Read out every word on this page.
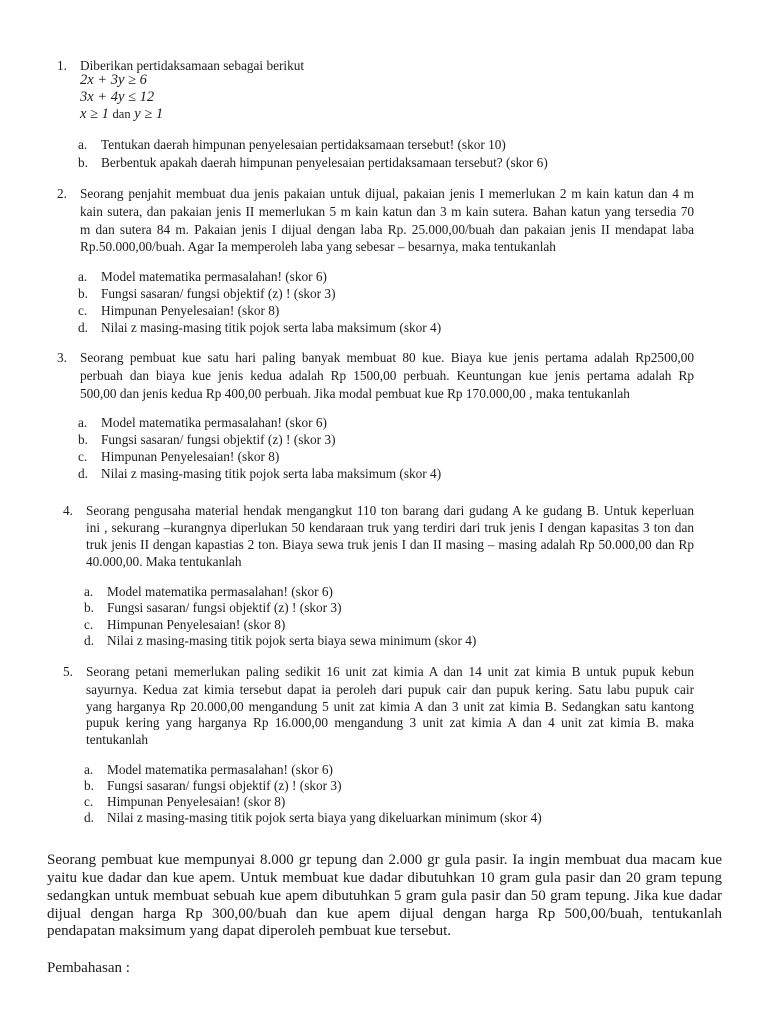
1. Diberikan pertidaksamaan sebagai berikut
2x + 3y ≥ 6
3x + 4y ≤ 12
x ≥ 1 dan y ≥ 1
a. Tentukan daerah himpunan penyelesaian pertidaksamaan tersebut! (skor 10)
b. Berbentuk apakah daerah himpunan penyelesaian pertidaksamaan tersebut? (skor 6)
2. Seorang penjahit membuat dua jenis pakaian untuk dijual, pakaian jenis I memerlukan 2 m kain katun dan 4 m
kain sutera, dan pakaian jenis II memerlukan 5 m kain katun dan 3 m kain sutera. Bahan katun yang tersedia 70
m dan sutera 84 m. Pakaian jenis I dijual dengan laba Rp. 25.000,00/buah dan pakaian jenis II mendapat laba
Rp.50.000,00/buah. Agar Ia memperoleh laba yang sebesar – besarnya, maka tentukanlah
a. Model matematika permasalahan! (skor 6)
b. Fungsi sasaran/ fungsi objektif (z) ! (skor 3)
c. Himpunan Penyelesaian! (skor 8)
d. Nilai z masing-masing titik pojok serta laba maksimum (skor 4)
3. Seorang pembuat kue satu hari paling banyak membuat 80 kue. Biaya kue jenis pertama adalah Rp2500,00
perbuah dan biaya kue jenis kedua adalah Rp 1500,00 perbuah. Keuntungan kue jenis pertama adalah Rp
500,00 dan jenis kedua Rp 400,00 perbuah. Jika modal pembuat kue Rp 170.000,00 , maka tentukanlah
a. Model matematika permasalahan! (skor 6)
b. Fungsi sasaran/ fungsi objektif (z) ! (skor 3)
c. Himpunan Penyelesaian! (skor 8)
d. Nilai z masing-masing titik pojok serta laba maksimum (skor 4)
4. Seorang pengusaha material hendak mengangkut 110 ton barang dari gudang A ke gudang B. Untuk keperluan
ini , sekurang –kurangnya diperlukan 50 kendaraan truk yang terdiri dari truk jenis I dengan kapasitas 3 ton dan
truk jenis II dengan kapastias 2 ton. Biaya sewa truk jenis I dan II masing – masing adalah Rp 50.000,00 dan Rp
40.000,00. Maka tentukanlah
a. Model matematika permasalahan! (skor 6)
b. Fungsi sasaran/ fungsi objektif (z) ! (skor 3)
c. Himpunan Penyelesaian! (skor 8)
d. Nilai z masing-masing titik pojok serta biaya sewa minimum (skor 4)
5. Seorang petani memerlukan paling sedikit 16 unit zat kimia A dan 14 unit zat kimia B untuk pupuk kebun
sayurnya. Kedua zat kimia tersebut dapat ia peroleh dari pupuk cair dan pupuk kering. Satu labu pupuk cair
yang harganya Rp 20.000,00 mengandung 5 unit zat kimia A dan 3 unit zat kimia B. Sedangkan satu kantong
pupuk kering yang harganya Rp 16.000,00 mengandung 3 unit zat kimia A dan 4 unit zat kimia B. maka
tentukanlah
a. Model matematika permasalahan! (skor 6)
b. Fungsi sasaran/ fungsi objektif (z) ! (skor 3)
c. Himpunan Penyelesaian! (skor 8)
d. Nilai z masing-masing titik pojok serta biaya yang dikeluarkan minimum (skor 4)
Seorang pembuat kue mempunyai 8.000 gr tepung dan 2.000 gr gula pasir. Ia ingin membuat dua macam kue
yaitu kue dadar dan kue apem. Untuk membuat kue dadar dibutuhkan 10 gram gula pasir dan 20 gram tepung
sedangkan untuk membuat sebuah kue apem dibutuhkan 5 gram gula pasir dan 50 gram tepung. Jika kue dadar
dijual dengan harga Rp 300,00/buah dan kue apem dijual dengan harga Rp 500,00/buah, tentukanlah
pendapatan maksimum yang dapat diperoleh pembuat kue tersebut.
Pembahasan :
